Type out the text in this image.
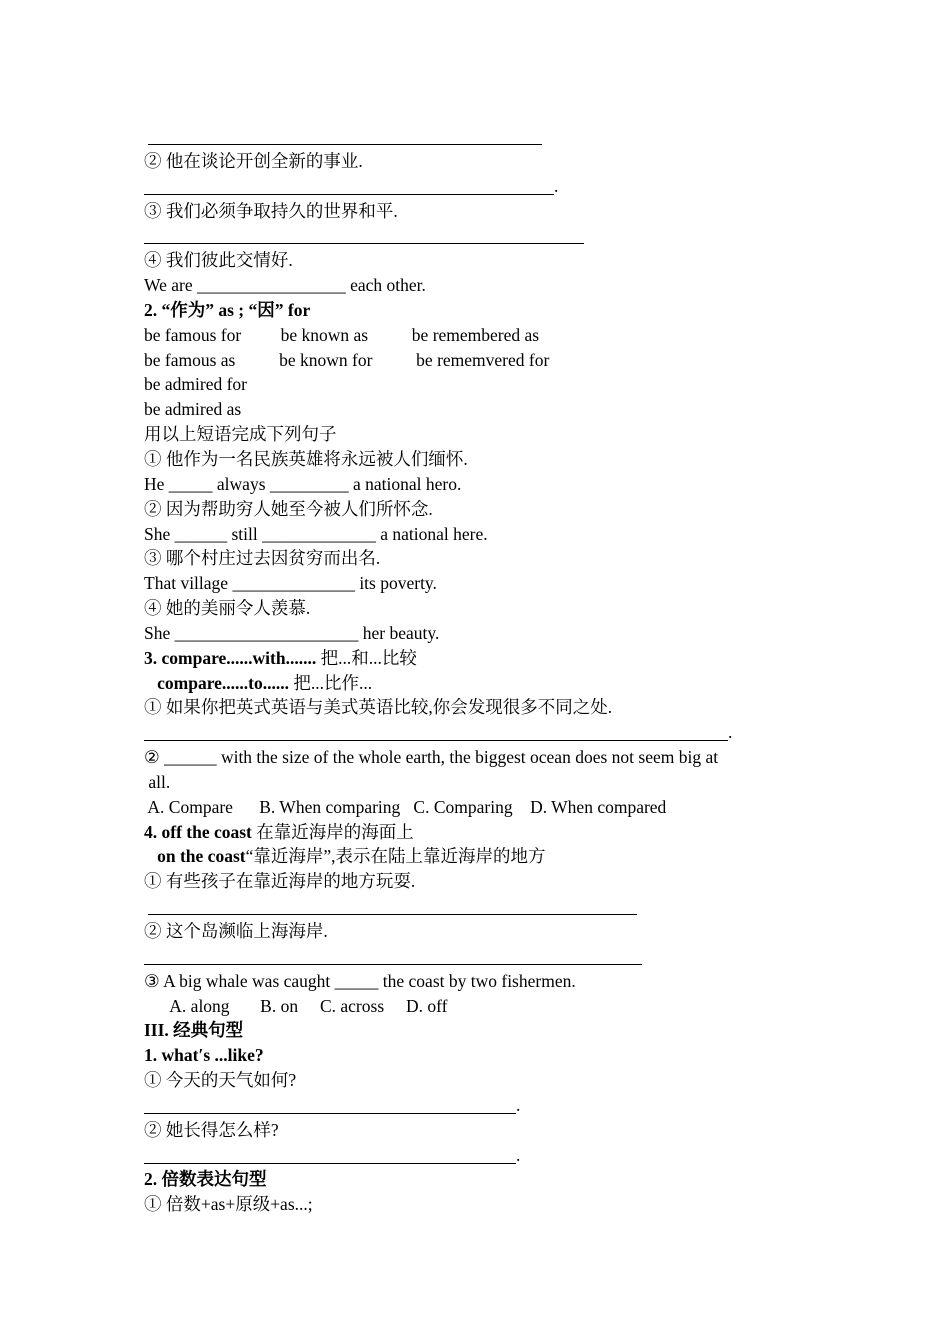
② 他在谈论开创全新的事业.
.
③ 我们必须争取持久的世界和平.
④ 我们彼此交情好.
We are _________________ each other.
2. “作为” as ; “因” for
be famous for         be known as          be remembered as
be famous as          be known for          be rememvered for
be admired for
be admired as
用以上短语完成下列句子
① 他作为一名民族英雄将永远被人们缅怀.
He _____ always _________ a national hero.
② 因为帮助穷人她至今被人们所怀念.
She ______ still _____________ a national here.
③ 哪个村庄过去因贫穷而出名.
That village ______________ its poverty.
④ 她的美丽令人羡慕.
She _____________________ her beauty.
3. compare......with....... 把...和...比较
compare......to...... 把...比作...
① 如果你把英式英语与美式英语比较,你会发现很多不同之处.
.
② ______ with the size of the whole earth, the biggest ocean does not seem big at
all.
A. Compare      B. When comparing   C. Comparing    D. When compared
4. off the coast 在靠近海岸的海面上
on the coast“靠近海岸”,表示在陆上靠近海岸的地方
① 有些孩子在靠近海岸的地方玩耍.
② 这个岛濒临上海海岸.
③ A big whale was caught _____ the coast by two fishermen.
A. along       B. on     C. across     D. off
III. 经典句型
1. what′s ...like?
① 今天的天气如何?
.
② 她长得怎么样?
.
2. 倍数表达句型
① 倍数+as+原级+as...;
